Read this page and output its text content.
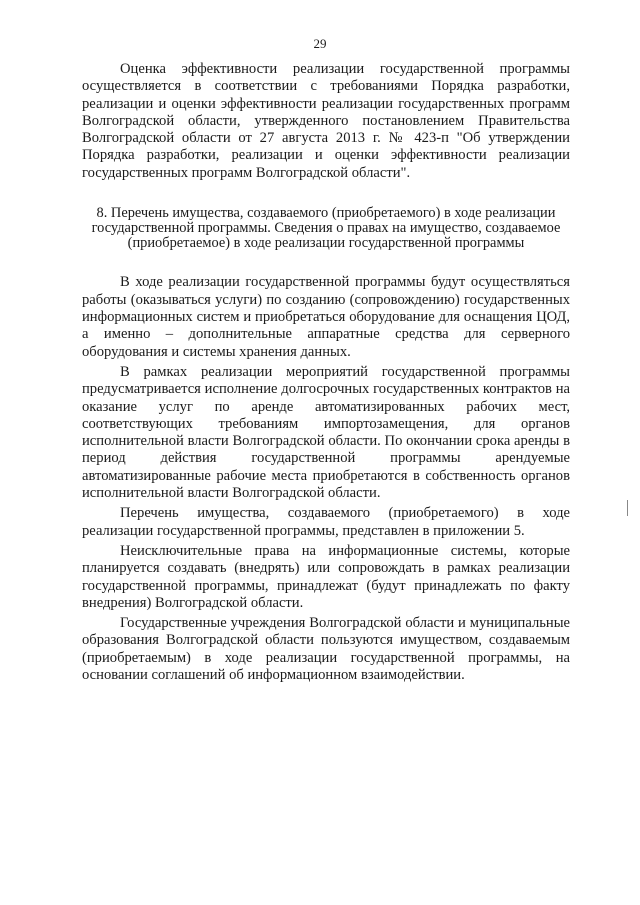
29

Оценка эффективности реализации государственной программы осуществляется в соответствии с требованиями Порядка разработки, реализации и оценки эффективности реализации государственных программ Волгоградской области, утвержденного постановлением Правительства Волгоградской области от 27 августа 2013 г. № 423-п "Об утверждении Порядка разработки, реализации и оценки эффективности реализации государственных программ Волгоградской области".

8. Перечень имущества, создаваемого (приобретаемого) в ходе реализации государственной программы. Сведения о правах на имущество, создаваемое (приобретаемое) в ходе реализации государственной программы

В ходе реализации государственной программы будут осуществляться работы (оказываться услуги) по созданию (сопровождению) государственных информационных систем и приобретаться оборудование для оснащения ЦОД, а именно – дополнительные аппаратные средства для серверного оборудования и системы хранения данных.

В рамках реализации мероприятий государственной программы предусматривается исполнение долгосрочных государственных контрактов на оказание услуг по аренде автоматизированных рабочих мест, соответствующих требованиям импортозамещения, для органов исполнительной власти Волгоградской области. По окончании срока аренды в период действия государственной программы арендуемые автоматизированные рабочие места приобретаются в собственность органов исполнительной власти Волгоградской области.

Перечень имущества, создаваемого (приобретаемого) в ходе реализации государственной программы, представлен в приложении 5.

Неисключительные права на информационные системы, которые планируется создавать (внедрять) или сопровождать в рамках реализации государственной программы, принадлежат (будут принадлежать по факту внедрения) Волгоградской области.

Государственные учреждения Волгоградской области и муниципальные образования Волгоградской области пользуются имуществом, создаваемым (приобретаемым) в ходе реализации государственной программы, на основании соглашений об информационном взаимодействии.
